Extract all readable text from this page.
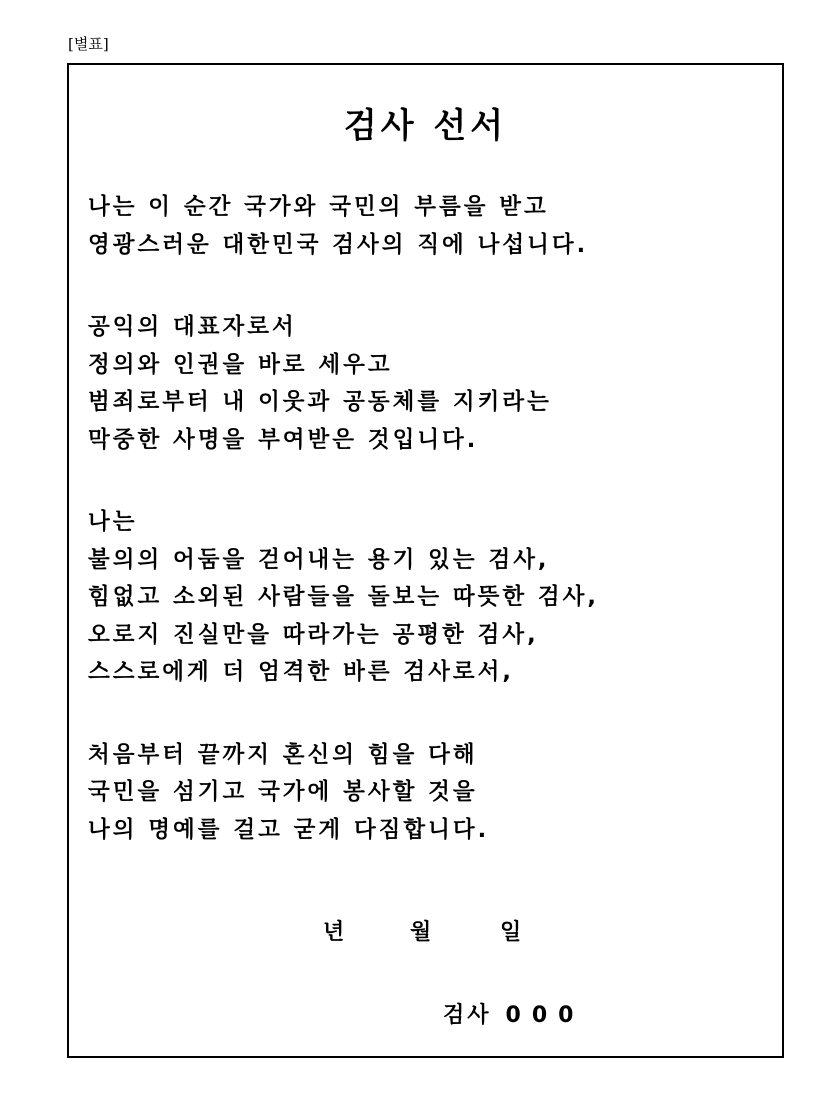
[별표]
검사 선서
나는 이 순간 국가와 국민의 부름을 받고
영광스러운 대한민국 검사의 직에 나섭니다.
공익의 대표자로서
정의와 인권을 바로 세우고
범죄로부터 내 이웃과 공동체를 지키라는
막중한 사명을 부여받은 것입니다.
나는
불의의 어둠을 걷어내는 용기 있는 검사,
힘없고 소외된 사람들을 돌보는 따뜻한 검사,
오로지 진실만을 따라가는 공평한 검사,
스스로에게 더 엄격한 바른 검사로서,
처음부터 끝까지 혼신의 힘을 다해
국민을 섬기고 국가에 봉사할 것을
나의 명예를 걸고 굳게 다짐합니다.
년	월	일
검사 000
